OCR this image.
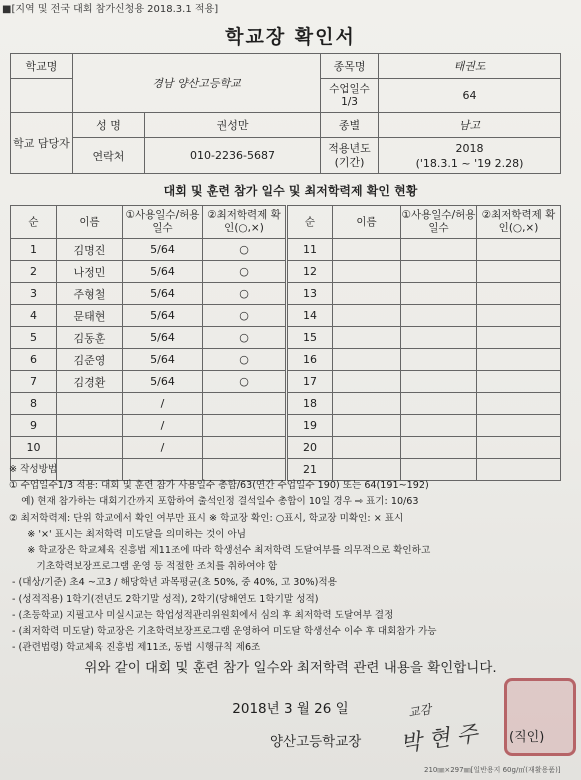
■[지역 및 전국 대회 참가신청용 2018.3.1 적용]
학교장 확인서
학교명	경남 양산고등학교		종목명	태권도
			수업일수 1/3	64
학교 담당자	성 명	권성만	종별	남고
	연락처	010-2236-5687	적용년도 (기간)	2018
('18.3.1 ~ '19 2.28)
대회 및 훈련 참가 일수 및 최저학력제 확인 현황
순	이름	①사용일수/허용일수	②최저학력제 확인(○,×)	순	이름	①사용일수/허용일수	②최저학력제 확인(○,×)
1	김명진	5/64	○	11			
2	나정민	5/64	○	12			
3	주형철	5/64	○	13			
4	문태현	5/64	○	14			
5	김동훈	5/64	○	15			
6	김준영	5/64	○	16			
7	김경환	5/64	○	17			
8		/		18			
9		/		19			
10		/		20			
				21			
※ 작성방법
① 수업일수1/3 적용: 대회 및 훈련 참가 사용일수 총합/63(연간 수업일수 190) 또는 64(191~192)
예) 현재 참가하는 대회기간까지 포함하여 출석인정 결석일수 총합이 10일 경우 ⇨ 표기: 10/63
② 최저학력제: 단위 학교에서 확인 여부만 표시 ※ 학교장 확인: ○표시, 학교장 미확인: × 표시
※ '×' 표시는 최저학력 미도달을 의미하는 것이 아님
※ 학교장은 학교체육 진흥법 제11조에 따라 학생선수 최저학력 도달여부를 의무적으로 확인하고
기초학력보장프로그램 운영 등 적절한 조치를 취하여야 함
- (대상/기준) 초4 ~고3 / 해당학년 과목평균(초 50%, 중 40%, 고 30%)적용
- (성적적용) 1학기(전년도 2학기말 성적), 2학기(당해연도 1학기말 성적)
- (초등학교) 지필고사 미실시교는 학업성적관리위원회에서 심의 후 최저학력 도달여부 결정
- (최저학력 미도달) 학교장은 기초학력보장프로그램 운영하여 미도달 학생선수 이수 후 대회참가 가능
- (관련법령) 학교체육 진흥법 제11조, 동법 시행규칙 제6조
위와 같이 대회 및 훈련 참가 일수와 최저학력 관련 내용을 확인합니다.
2018년 3 월 26 일
양산고등학교장
교감
박 현 주 (직인)
210㎜×297㎜[일반용지 60g/㎡(재활용품)]
